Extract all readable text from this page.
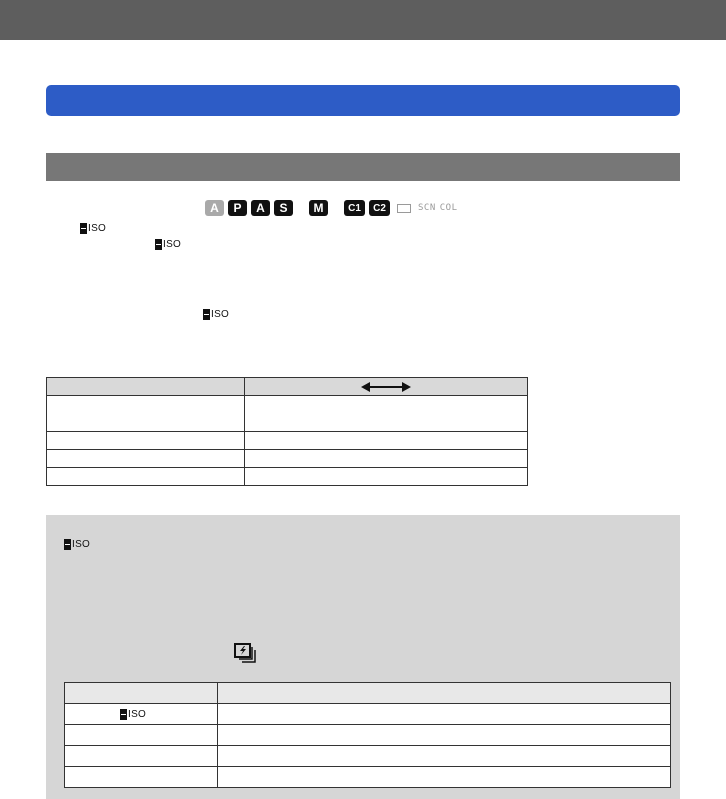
A	P	A	S	M	C1	C2	SCN COL
ISO
ISO
ISO

ISO

ISO	
